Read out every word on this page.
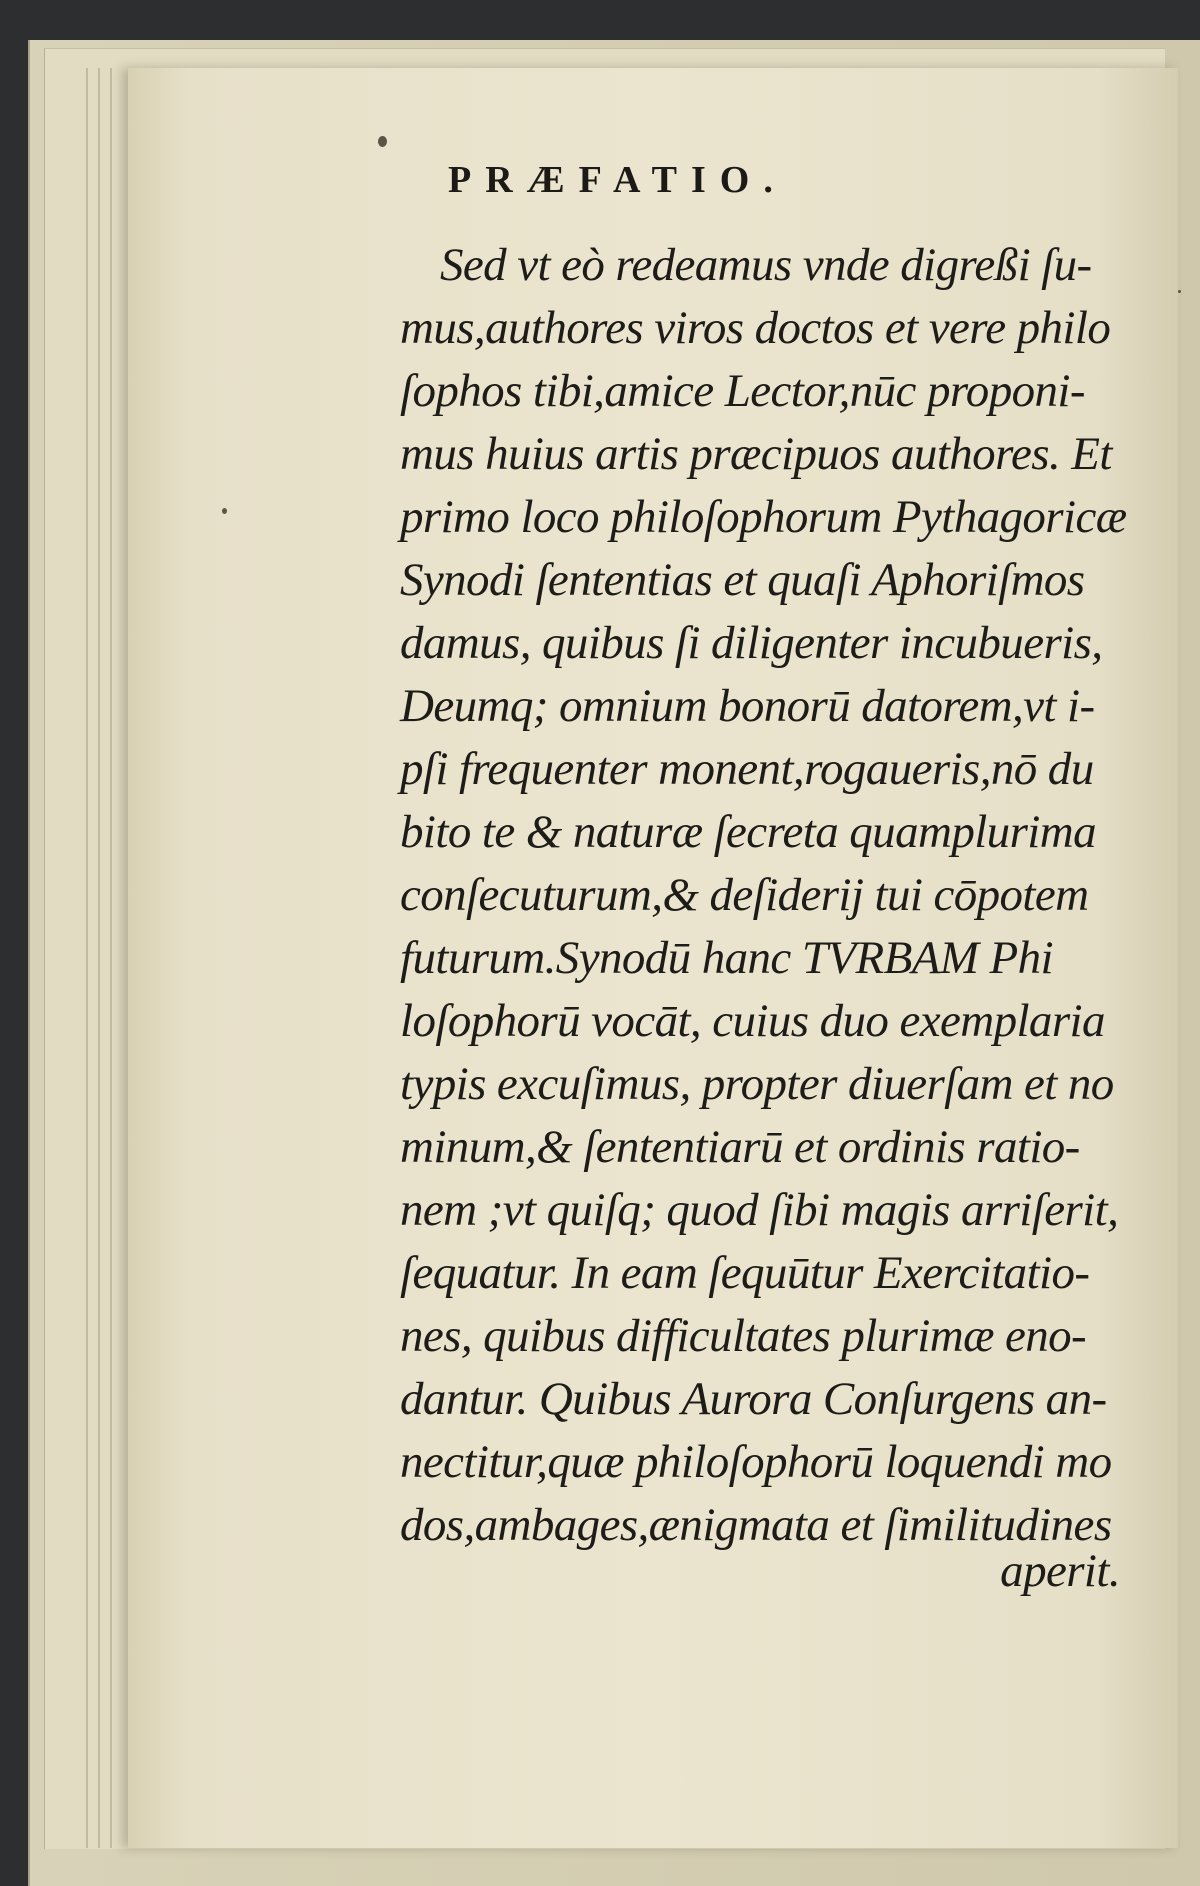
PRÆFATIO.
Sed vt eò redeamus vnde digreßi ſu-
mus,authores viros doctos et vere philo
ſophos tibi,amice Lector,nūc proponi-
mus huius artis præcipuos authores. Et
primo loco philoſophorum Pythagoricæ
Synodi ſententias et quaſi Aphoriſmos
damus, quibus ſi diligenter incubueris,
Deumq; omnium bonorū datorem,vt i-
pſi frequenter monent,rogaueris,nō du
bito te & naturæ ſecreta quamplurima
conſecuturum,& deſiderij tui cōpotem
futurum.Synodū hanc TVRBAM Phi
loſophorū vocāt, cuius duo exemplaria
typis excuſimus, propter diuerſam et no
minum,& ſententiarū et ordinis ratio-
nem ;vt quiſq; quod ſibi magis arriſerit,
ſequatur. In eam ſequūtur Exercitatio-
nes, quibus difficultates plurimæ eno-
dantur. Quibus Aurora Conſurgens an-
nectitur,quæ philoſophorū loquendi mo
dos,ambages,ænigmata et ſimilitudines
aperit.
